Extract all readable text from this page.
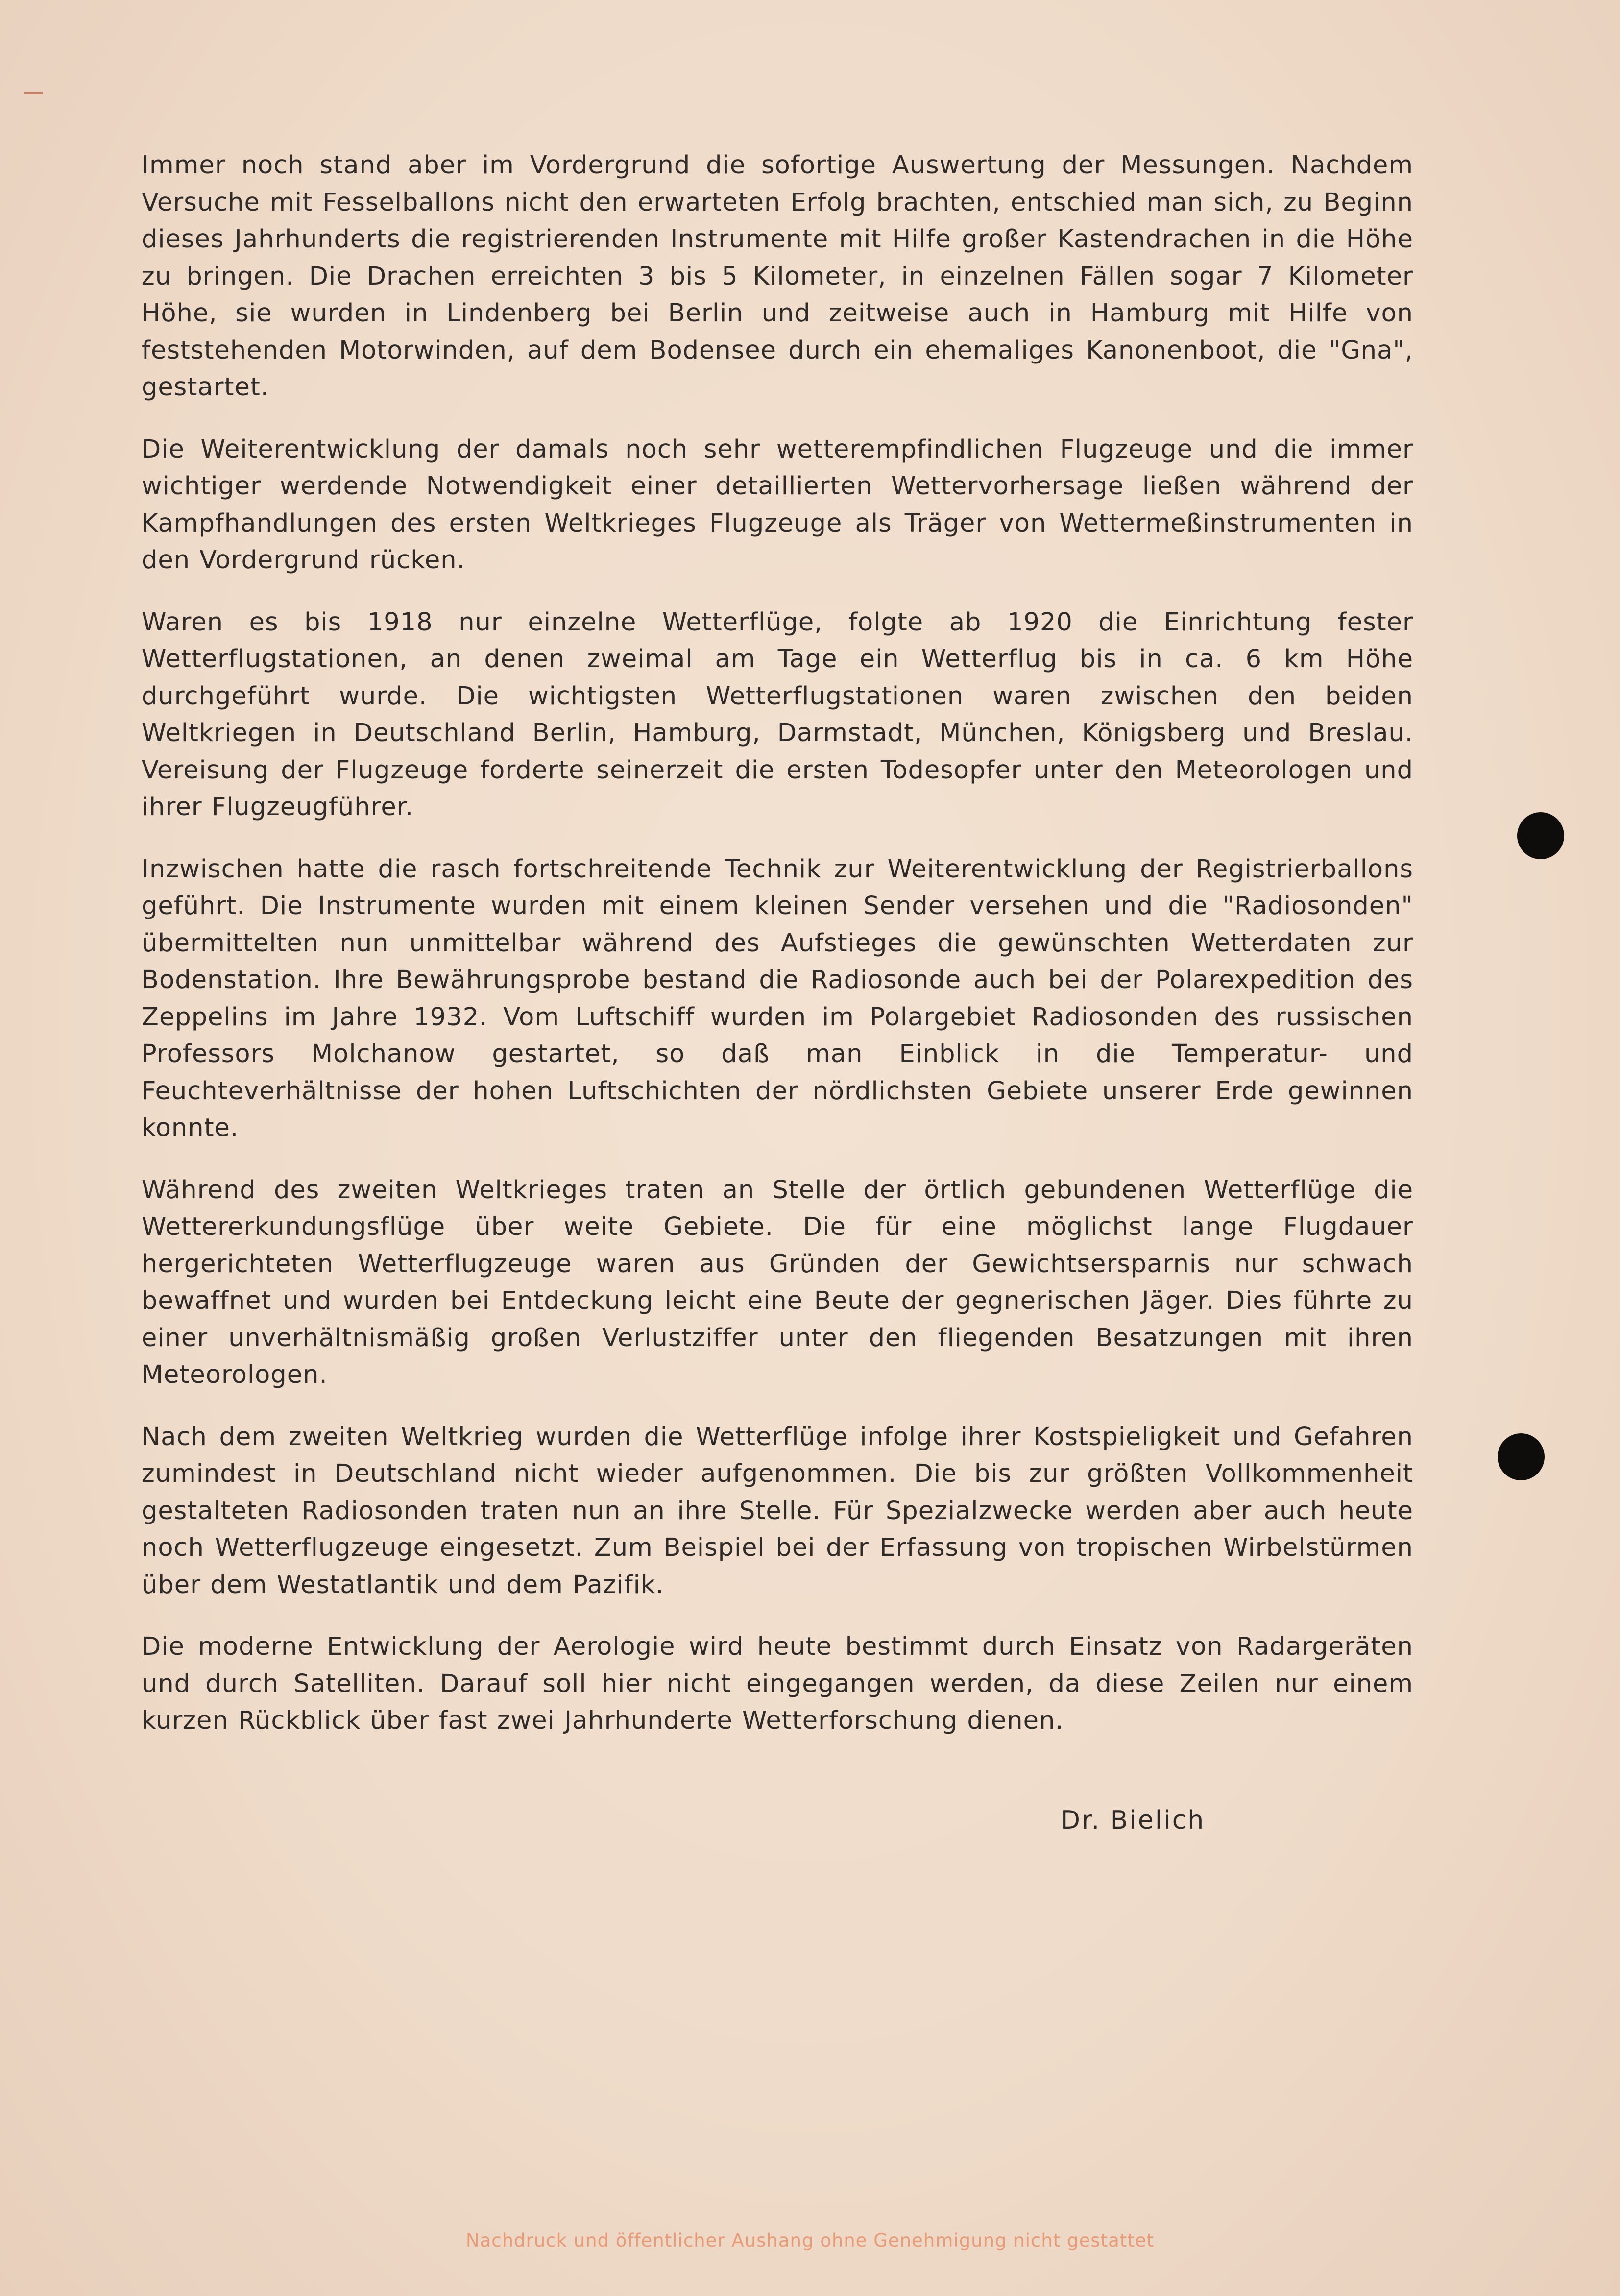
Immer noch stand aber im Vordergrund die sofortige Auswertung der Messungen. Nachdem Versuche mit Fesselballons nicht den erwarteten Erfolg brachten, entschied man sich, zu Beginn dieses Jahrhunderts die registrierenden Instrumente mit Hilfe großer Kastendrachen in die Höhe zu bringen. Die Drachen erreichten 3 bis 5 Kilometer, in einzelnen Fällen sogar 7 Kilometer Höhe, sie wurden in Lindenberg bei Berlin und zeitweise auch in Hamburg mit Hilfe von feststehenden Motorwinden, auf dem Bodensee durch ein ehemaliges Kanonenboot, die "Gna", gestartet.

Die Weiterentwicklung der damals noch sehr wetterempfindlichen Flugzeuge und die immer wichtiger werdende Notwendigkeit einer detaillierten Wettervorhersage ließen während der Kampfhandlungen des ersten Weltkrieges Flugzeuge als Träger von Wettermeßinstrumenten in den Vordergrund rücken.

Waren es bis 1918 nur einzelne Wetterflüge, folgte ab 1920 die Einrichtung fester Wetterflugstationen, an denen zweimal am Tage ein Wetterflug bis in ca. 6 km Höhe durchgeführt wurde. Die wichtigsten Wetterflugstationen waren zwischen den beiden Weltkriegen in Deutschland Berlin, Hamburg, Darmstadt, München, Königsberg und Breslau. Vereisung der Flugzeuge forderte seinerzeit die ersten Todesopfer unter den Meteorologen und ihrer Flugzeugführer.

Inzwischen hatte die rasch fortschreitende Technik zur Weiterentwicklung der Registrierballons geführt. Die Instrumente wurden mit einem kleinen Sender versehen und die "Radiosonden" übermittelten nun unmittelbar während des Aufstieges die gewünschten Wetterdaten zur Bodenstation. Ihre Bewährungsprobe bestand die Radiosonde auch bei der Polarexpedition des Zeppelins im Jahre 1932. Vom Luftschiff wurden im Polargebiet Radiosonden des russischen Professors Molchanow gestartet, so daß man Einblick in die Temperatur- und Feuchteverhältnisse der hohen Luftschichten der nördlichsten Gebiete unserer Erde gewinnen konnte.

Während des zweiten Weltkrieges traten an Stelle der örtlich gebundenen Wetterflüge die Wettererkundungsflüge über weite Gebiete. Die für eine möglichst lange Flugdauer hergerichteten Wetterflugzeuge waren aus Gründen der Gewichtsersparnis nur schwach bewaffnet und wurden bei Entdeckung leicht eine Beute der gegnerischen Jäger. Dies führte zu einer unverhältnismäßig großen Verlustziffer unter den fliegenden Besatzungen mit ihren Meteorologen.

Nach dem zweiten Weltkrieg wurden die Wetterflüge infolge ihrer Kostspieligkeit und Gefahren zumindest in Deutschland nicht wieder aufgenommen. Die bis zur größten Vollkommenheit gestalteten Radiosonden traten nun an ihre Stelle. Für Spezialzwecke werden aber auch heute noch Wetterflugzeuge eingesetzt. Zum Beispiel bei der Erfassung von tropischen Wirbelstürmen über dem Westatlantik und dem Pazifik.

Die moderne Entwicklung der Aerologie wird heute bestimmt durch Einsatz von Radargeräten und durch Satelliten. Darauf soll hier nicht eingegangen werden, da diese Zeilen nur einem kurzen Rückblick über fast zwei Jahrhunderte Wetterforschung dienen.

Dr. Bielich
Nachdruck und öffentlicher Aushang ohne Genehmigung nicht gestattet
